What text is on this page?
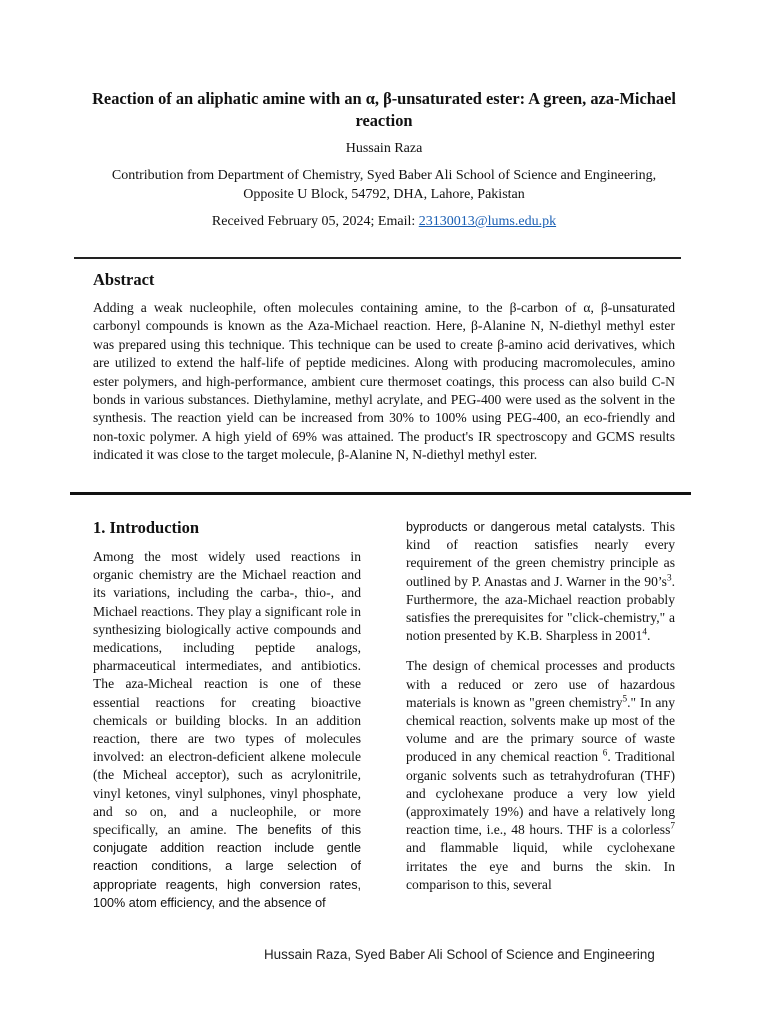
Reaction of an aliphatic amine with an α, β-unsaturated ester: A green, aza-Michael reaction
Hussain Raza
Contribution from Department of Chemistry, Syed Baber Ali School of Science and Engineering, Opposite U Block, 54792, DHA, Lahore, Pakistan
Received February 05, 2024; Email: 23130013@lums.edu.pk
Abstract
Adding a weak nucleophile, often molecules containing amine, to the β-carbon of α, β-unsaturated carbonyl compounds is known as the Aza-Michael reaction. Here, β-Alanine N, N-diethyl methyl ester was prepared using this technique. This technique can be used to create β-amino acid derivatives, which are utilized to extend the half-life of peptide medicines. Along with producing macromolecules, amino ester polymers, and high-performance, ambient cure thermoset coatings, this process can also build C-N bonds in various substances. Diethylamine, methyl acrylate, and PEG-400 were used as the solvent in the synthesis. The reaction yield can be increased from 30% to 100% using PEG-400, an eco-friendly and non-toxic polymer. A high yield of 69% was attained. The product's IR spectroscopy and GCMS results indicated it was close to the target molecule, β-Alanine N, N-diethyl methyl ester.
1. Introduction

Among the most widely used reactions in organic chemistry are the Michael reaction and its variations, including the carba-, thio-, and Michael reactions. They play a significant role in synthesizing biologically active compounds and medications, including peptide analogs, pharmaceutical intermediates, and antibiotics. The aza-Micheal reaction is one of these essential reactions for creating bioactive chemicals or building blocks. In an addition reaction, there are two types of molecules involved: an electron-deficient alkene molecule (the Micheal acceptor), such as acrylonitrile, vinyl ketones, vinyl sulphones, vinyl phosphate, and so on, and a nucleophile, or more specifically, an amine. The benefits of this conjugate addition reaction include gentle reaction conditions, a large selection of appropriate reagents, high conversion rates, 100% atom efficiency, and the absence of

byproducts or dangerous metal catalysts. This kind of reaction satisfies nearly every requirement of the green chemistry principle as outlined by P. Anastas and J. Warner in the $90’s^3$. Furthermore, the aza-Michael reaction probably satisfies the prerequisites for "click-chemistry," a notion presented by K.B. Sharpless in 2001$^4$.

The design of chemical processes and products with a reduced or zero use of hazardous materials is known as "green chemistry$^5$." In any chemical reaction, solvents make up most of the volume and are the primary source of waste produced in any chemical reaction $^6$. Traditional organic solvents such as tetrahydrofuran (THF) and cyclohexane produce a very low yield (approximately 19%) and have a relatively long reaction time, i.e., 48 hours. THF is a colorless$^7$ and flammable liquid, while cyclohexane irritates the eye and burns the skin. In comparison to this, several

Hussain Raza, Syed Baber Ali School of Science and Engineering
